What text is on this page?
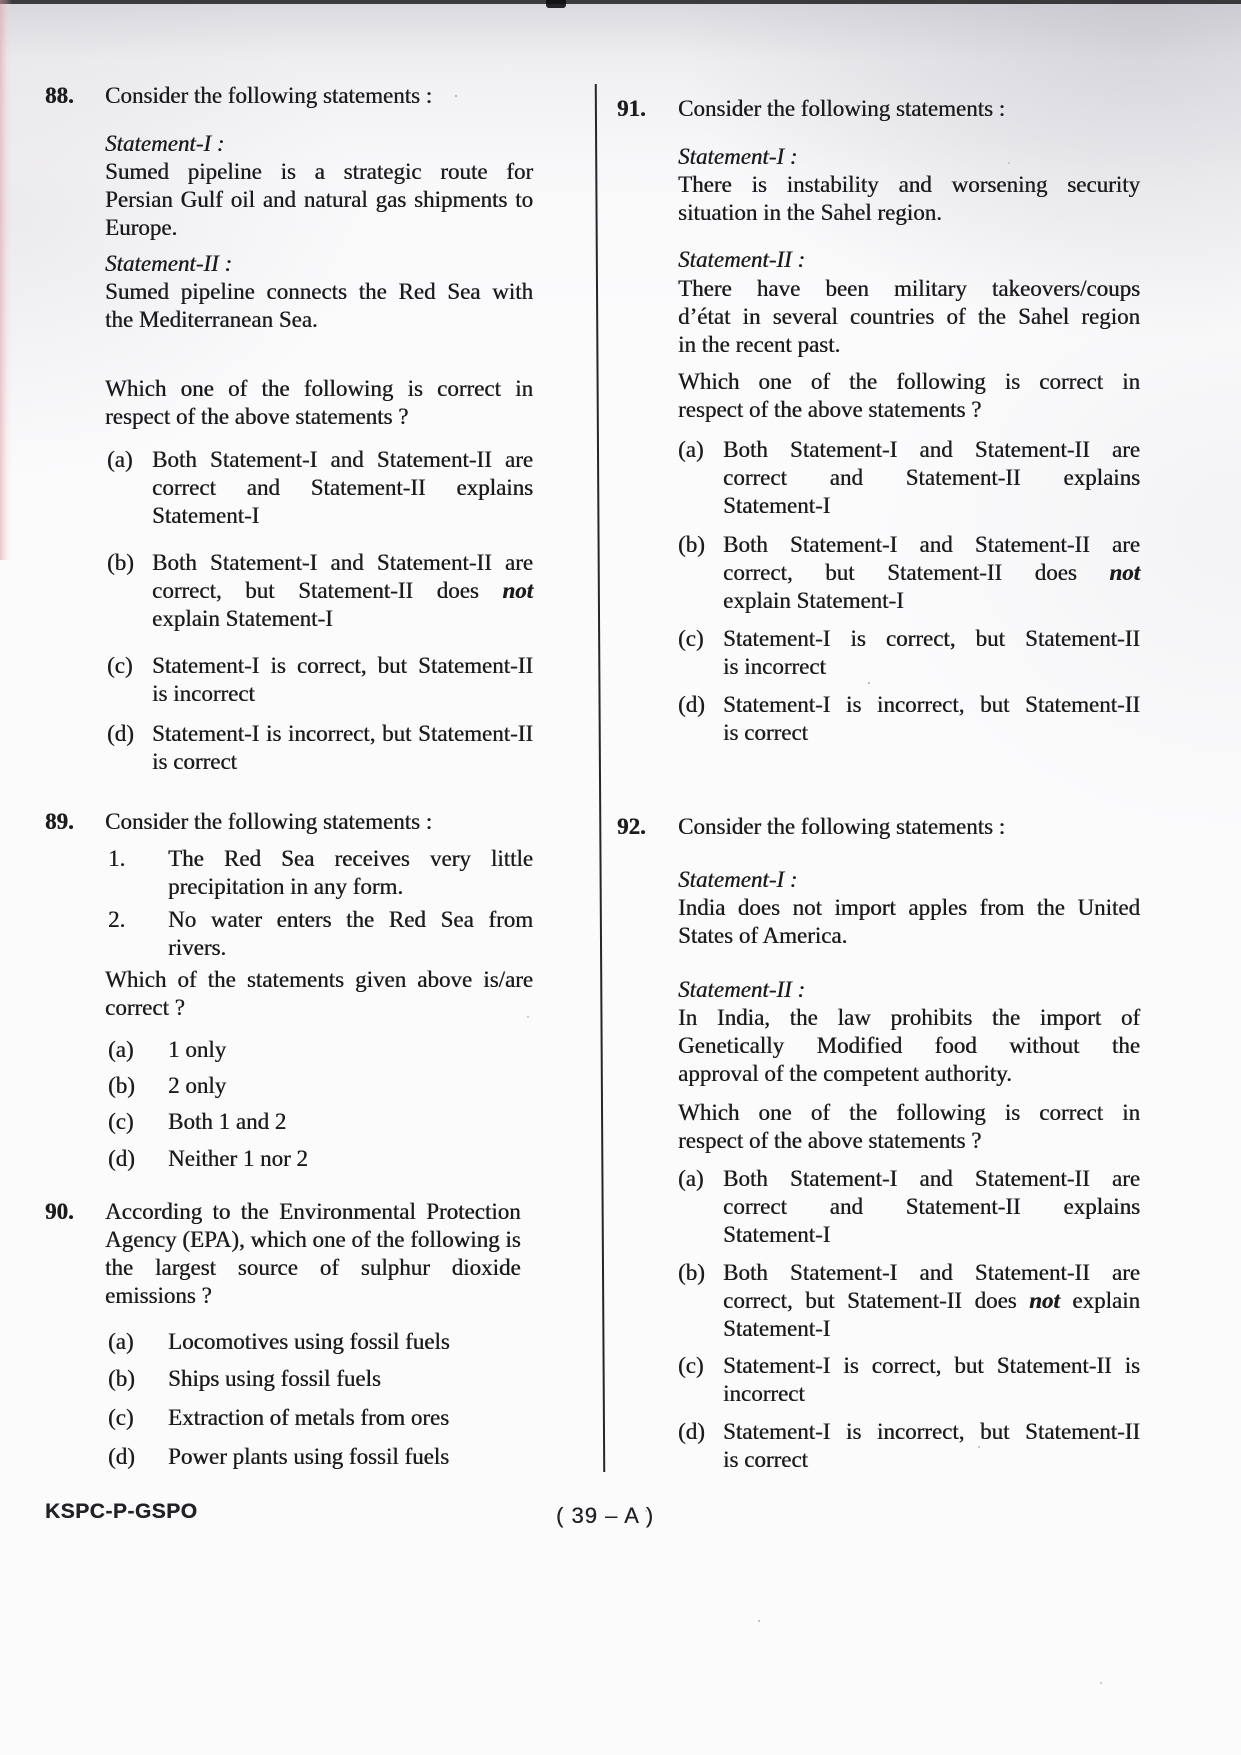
88.	Consider the following statements :
Statement-I :
Sumed pipeline is a strategic route for
Persian Gulf oil and natural gas shipments to
Europe.
Statement-II :
Sumed pipeline connects the Red Sea with
the Mediterranean Sea.
Which one of the following is correct in
respect of the above statements ?
(a) Both Statement-I and Statement-II are
correct and Statement-II explains
Statement-I
(b) Both Statement-I and Statement-II are
correct, but Statement-II does not
explain Statement-I
(c) Statement-I is correct, but Statement-II
is incorrect
(d) Statement-I is incorrect, but Statement-II
is correct
89.	Consider the following statements :
1.	The Red Sea receives very little
precipitation in any form.
2.	No water enters the Red Sea from
rivers.
Which of the statements given above is/are
correct ?
(a)	1 only
(b)	2 only
(c)	Both 1 and 2
(d)	Neither 1 nor 2
90.	According to the Environmental Protection
Agency (EPA), which one of the following is
the largest source of sulphur dioxide
emissions ?
(a)	Locomotives using fossil fuels
(b)	Ships using fossil fuels
(c)	Extraction of metals from ores
(d)	Power plants using fossil fuels
91.	Consider the following statements :
Statement-I :
There is instability and worsening security
situation in the Sahel region.
Statement-II :
There have been military takeovers/coups
d’état in several countries of the Sahel region
in the recent past.
Which one of the following is correct in
respect of the above statements ?
(a) Both Statement-I and Statement-II are
correct and Statement-II explains
Statement-I
(b) Both Statement-I and Statement-II are
correct, but Statement-II does not
explain Statement-I
(c) Statement-I is correct, but Statement-II
is incorrect
(d) Statement-I is incorrect, but Statement-II
is correct
92.	Consider the following statements :
Statement-I :
India does not import apples from the United
States of America.
Statement-II :
In India, the law prohibits the import of
Genetically Modified food without the
approval of the competent authority.
Which one of the following is correct in
respect of the above statements ?
(a) Both Statement-I and Statement-II are
correct and Statement-II explains
Statement-I
(b) Both Statement-I and Statement-II are
correct, but Statement-II does not explain
Statement-I
(c) Statement-I is correct, but Statement-II is
incorrect
(d) Statement-I is incorrect, but Statement-II
is correct
KSPC-P-GSPO	( 39 – A )
